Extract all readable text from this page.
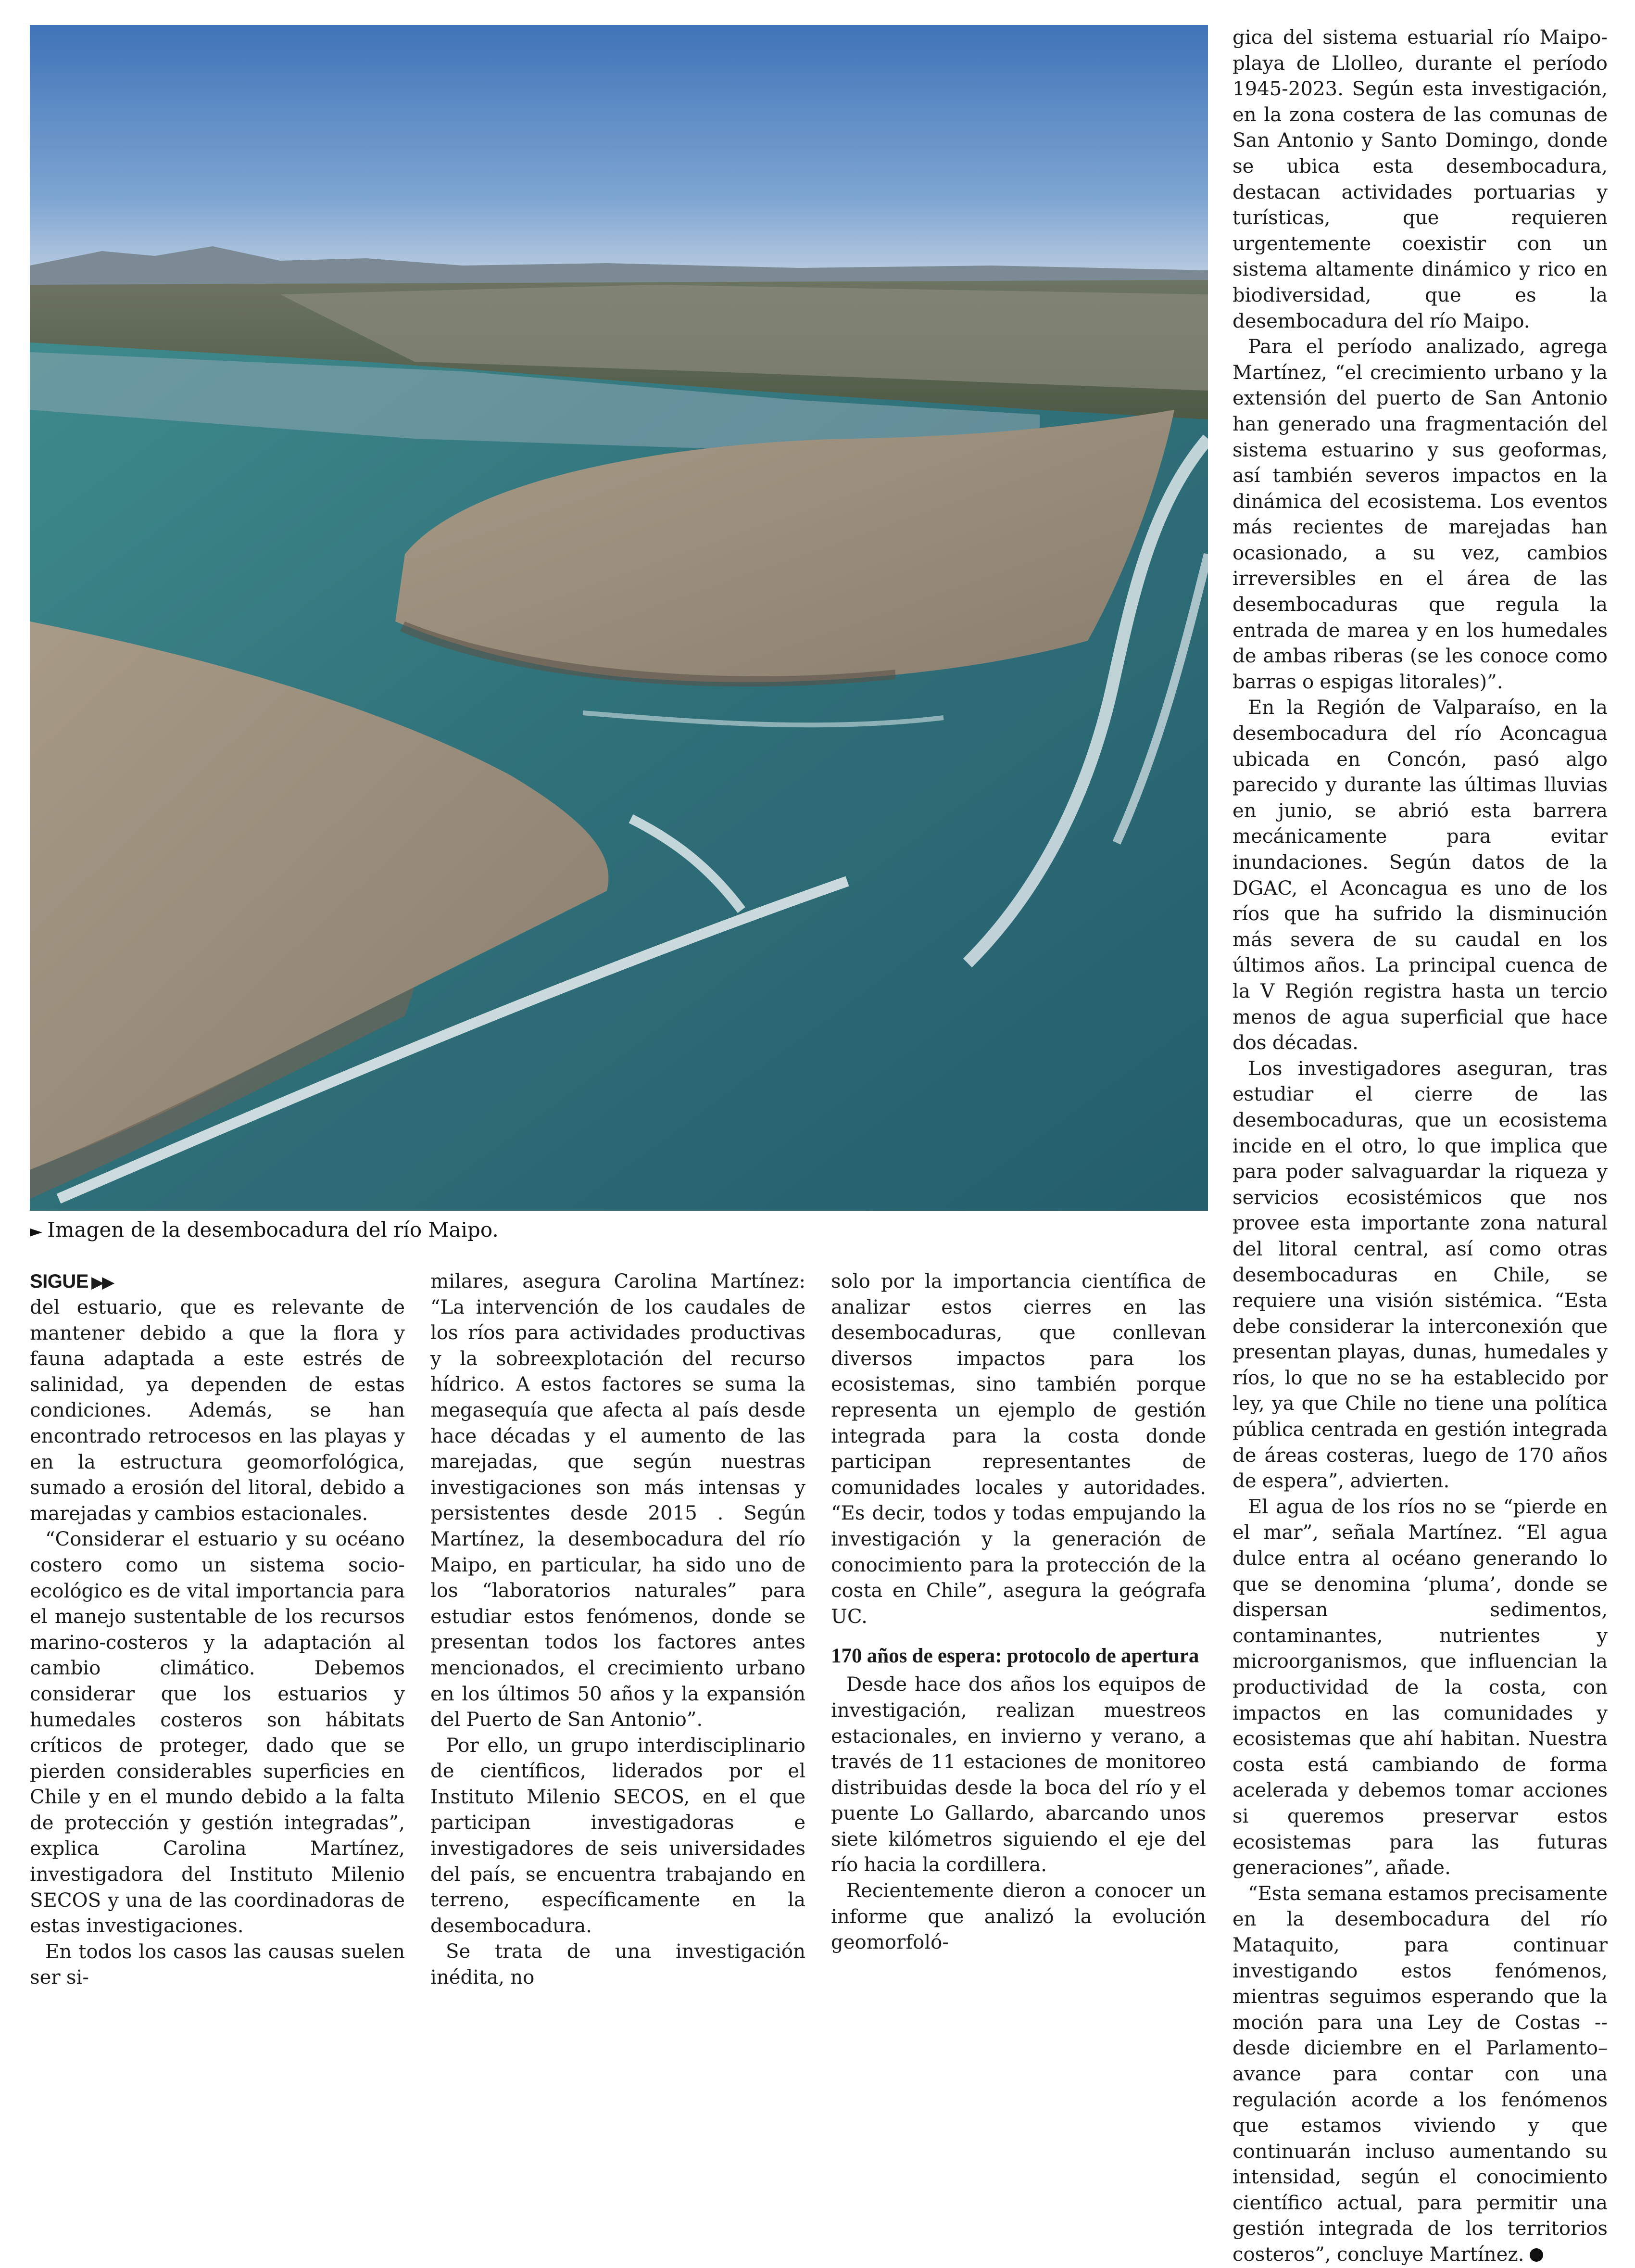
► Imagen de la desembocadura del río Maipo.
SIGUE ▶▶

del estuario, que es relevante de mantener debido a que la flora y fauna adaptada a este estrés de salinidad, ya dependen de estas condiciones. Además, se han encontrado retrocesos en las playas y en la estructura geomorfológica, sumado a erosión del litoral, debido a marejadas y cambios estacionales.

“Considerar el estuario y su océano costero como un sistema socio-ecológico es de vital importancia para el manejo sustentable de los recursos marino-costeros y la adaptación al cambio climático. Debemos considerar que los estuarios y humedales costeros son hábitats críticos de proteger, dado que se pierden considerables superficies en Chile y en el mundo debido a la falta de protección y gestión integradas”, explica Carolina Martínez, investigadora del Instituto Milenio SECOS y una de las coordinadoras de estas investigaciones.

En todos los casos las causas suelen ser si-

milares, asegura Carolina Martínez: “La intervención de los caudales de los ríos para actividades productivas y la sobreexplotación del recurso hídrico. A estos factores se suma la megasequía que afecta al país desde hace décadas y el aumento de las marejadas, que según nuestras investigaciones son más intensas y persistentes desde 2015 . Según Martínez, la desembocadura del río Maipo, en particular, ha sido uno de los “laboratorios naturales” para estudiar estos fenómenos, donde se presentan todos los factores antes mencionados, el crecimiento urbano en los últimos 50 años y la expansión del Puerto de San Antonio”.

Por ello, un grupo interdisciplinario de científicos, liderados por el Instituto Milenio SECOS, en el que participan investigadoras e investigadores de seis universidades del país, se encuentra trabajando en terreno, específicamente en la desembocadura.

Se trata de una investigación inédita, no

solo por la importancia científica de analizar estos cierres en las desembocaduras, que conllevan diversos impactos para los ecosistemas, sino también porque representa un ejemplo de gestión integrada para la costa donde participan representantes de comunidades locales y autoridades. “Es decir, todos y todas empujando la investigación y la generación de conocimiento para la protección de la costa en Chile”, asegura la geógrafa UC.

170 años de espera: protocolo de apertura

Desde hace dos años los equipos de investigación, realizan muestreos estacionales, en invierno y verano, a través de 11 estaciones de monitoreo distribuidas desde la boca del río y el puente Lo Gallardo, abarcando unos siete kilómetros siguiendo el eje del río hacia la cordillera.

Recientemente dieron a conocer un informe que analizó la evolución geomorfoló-

gica del sistema estuarial río Maipo-playa de Llolleo, durante el período 1945-2023. Según esta investigación, en la zona costera de las comunas de San Antonio y Santo Domingo, donde se ubica esta desembocadura, destacan actividades portuarias y turísticas, que requieren urgentemente coexistir con un sistema altamente dinámico y rico en biodiversidad, que es la desembocadura del río Maipo.

Para el período analizado, agrega Martínez, “el crecimiento urbano y la extensión del puerto de San Antonio han generado una fragmentación del sistema estuarino y sus geoformas, así también severos impactos en la dinámica del ecosistema. Los eventos más recientes de marejadas han ocasionado, a su vez, cambios irreversibles en el área de las desembocaduras que regula la entrada de marea y en los humedales de ambas riberas (se les conoce como barras o espigas litorales)”.

En la Región de Valparaíso, en la desembocadura del río Aconcagua ubicada en Concón, pasó algo parecido y durante las últimas lluvias en junio, se abrió esta barrera mecánicamente para evitar inundaciones. Según datos de la DGAC, el Aconcagua es uno de los ríos que ha sufrido la disminución más severa de su caudal en los últimos años. La principal cuenca de la V Región registra hasta un tercio menos de agua superficial que hace dos décadas.

Los investigadores aseguran, tras estudiar el cierre de las desembocaduras, que un ecosistema incide en el otro, lo que implica que para poder salvaguardar la riqueza y servicios ecosistémicos que nos provee esta importante zona natural del litoral central, así como otras desembocaduras en Chile, se requiere una visión sistémica. “Esta debe considerar la interconexión que presentan playas, dunas, humedales y ríos, lo que no se ha establecido por ley, ya que Chile no tiene una política pública centrada en gestión integrada de áreas costeras, luego de 170 años de espera”, advierten.

El agua de los ríos no se “pierde en el mar”, señala Martínez. “El agua dulce entra al océano generando lo que se denomina ‘pluma’, donde se dispersan sedimentos, contaminantes, nutrientes y microorganismos, que influencian la productividad de la costa, con impactos en las comunidades y ecosistemas que ahí habitan. Nuestra costa está cambiando de forma acelerada y debemos tomar acciones si queremos preservar estos ecosistemas para las futuras generaciones”, añade.

“Esta semana estamos precisamente en la desembocadura del río Mataquito, para continuar investigando estos fenómenos, mientras seguimos esperando que la moción para una Ley de Costas --desde diciembre en el Parlamento– avance para contar con una regulación acorde a los fenómenos que estamos viviendo y que continuarán incluso aumentando su intensidad, según el conocimiento científico actual, para permitir una gestión integrada de los territorios costeros”, concluye Martínez.
